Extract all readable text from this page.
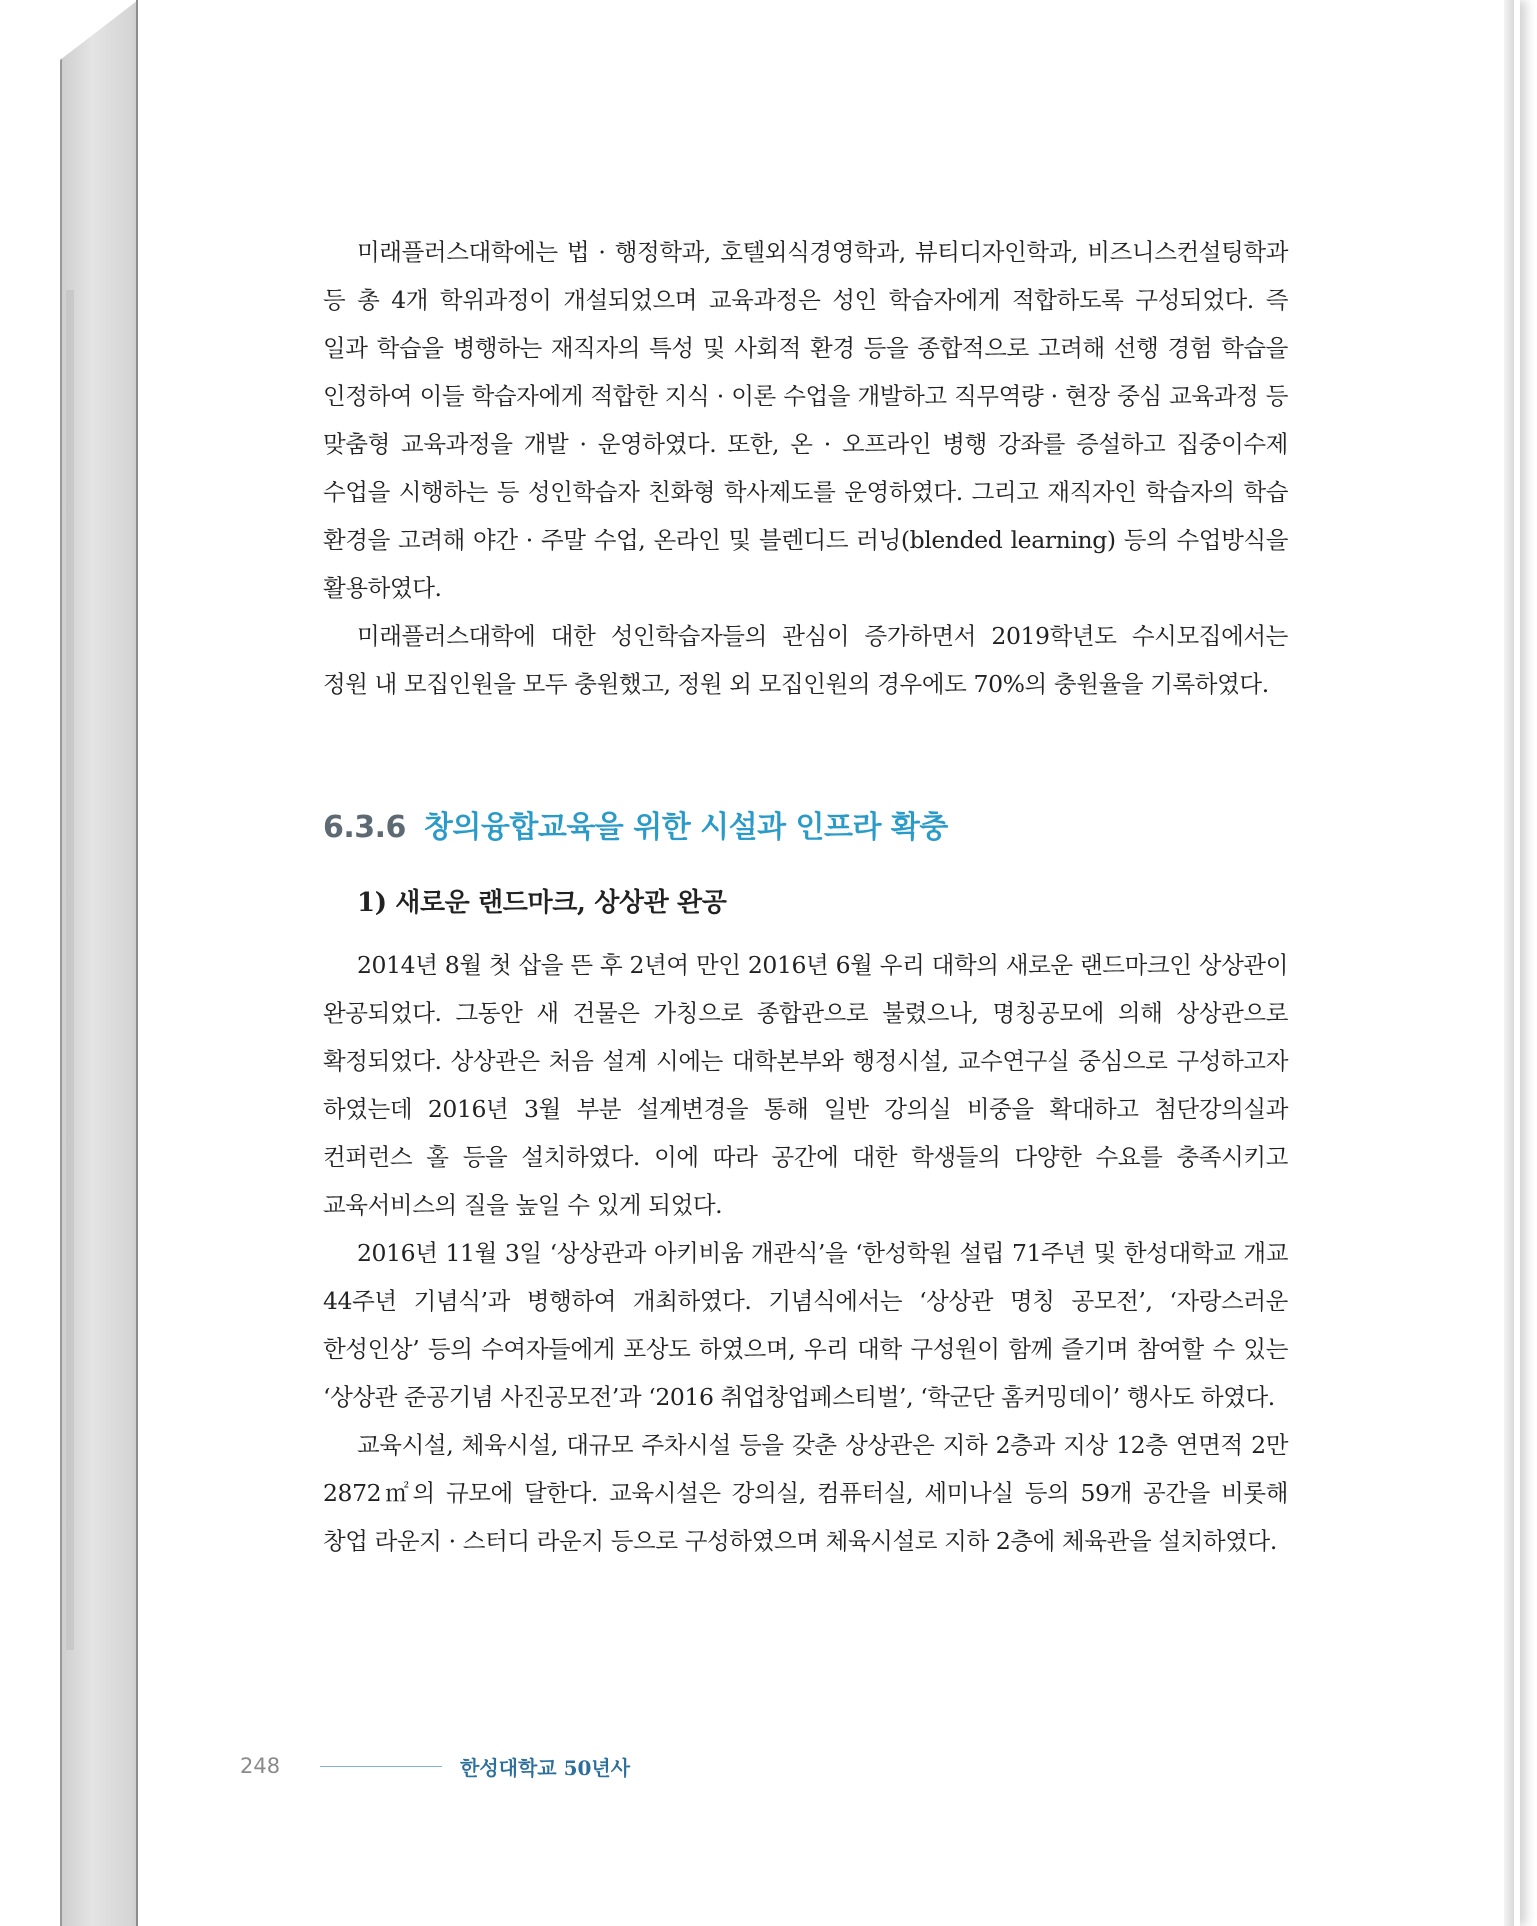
미래플러스대학에는 법 · 행정학과, 호텔외식경영학과, 뷰티디자인학과, 비즈니스컨설팅학과 등 총 4개 학위과정이 개설되었으며 교육과정은 성인 학습자에게 적합하도록 구성되었다. 즉 일과 학습을 병행하는 재직자의 특성 및 사회적 환경 등을 종합적으로 고려해 선행 경험 학습을 인정하여 이들 학습자에게 적합한 지식 · 이론 수업을 개발하고 직무역량 · 현장 중심 교육과정 등 맞춤형 교육과정을 개발 · 운영하였다. 또한, 온 · 오프라인 병행 강좌를 증설하고 집중이수제 수업을 시행하는 등 성인학습자 친화형 학사제도를 운영하였다. 그리고 재직자인 학습자의 학습 환경을 고려해 야간 · 주말 수업, 온라인 및 블렌디드 러닝(blended learning) 등의 수업방식을 활용하였다.

미래플러스대학에 대한 성인학습자들의 관심이 증가하면서 2019학년도 수시모집에서는 정원 내 모집인원을 모두 충원했고, 정원 외 모집인원의 경우에도 70%의 충원율을 기록하였다.

6.3.6 창의융합교육을 위한 시설과 인프라 확충
1) 새로운 랜드마크, 상상관 완공

2014년 8월 첫 삽을 뜬 후 2년여 만인 2016년 6월 우리 대학의 새로운 랜드마크인 상상관이 완공되었다. 그동안 새 건물은 가칭으로 종합관으로 불렸으나, 명칭공모에 의해 상상관으로 확정되었다. 상상관은 처음 설계 시에는 대학본부와 행정시설, 교수연구실 중심으로 구성하고자 하였는데 2016년 3월 부분 설계변경을 통해 일반 강의실 비중을 확대하고 첨단강의실과 컨퍼런스 홀 등을 설치하였다. 이에 따라 공간에 대한 학생들의 다양한 수요를 충족시키고 교육서비스의 질을 높일 수 있게 되었다.

2016년 11월 3일 ‘상상관과 아키비움 개관식’을 ‘한성학원 설립 71주년 및 한성대학교 개교 44주년 기념식’과 병행하여 개최하였다. 기념식에서는 ‘상상관 명칭 공모전’, ‘자랑스러운 한성인상’ 등의 수여자들에게 포상도 하였으며, 우리 대학 구성원이 함께 즐기며 참여할 수 있는 ‘상상관 준공기념 사진공모전’과 ‘2016 취업창업페스티벌’, ‘학군단 홈커밍데이’ 행사도 하였다.

교육시설, 체육시설, 대규모 주차시설 등을 갖춘 상상관은 지하 2층과 지상 12층 연면적 2만 2872㎡의 규모에 달한다. 교육시설은 강의실, 컴퓨터실, 세미나실 등의 59개 공간을 비롯해 창업 라운지 · 스터디 라운지 등으로 구성하였으며 체육시설로 지하 2층에 체육관을 설치하였다.

248	한성대학교 50년사
